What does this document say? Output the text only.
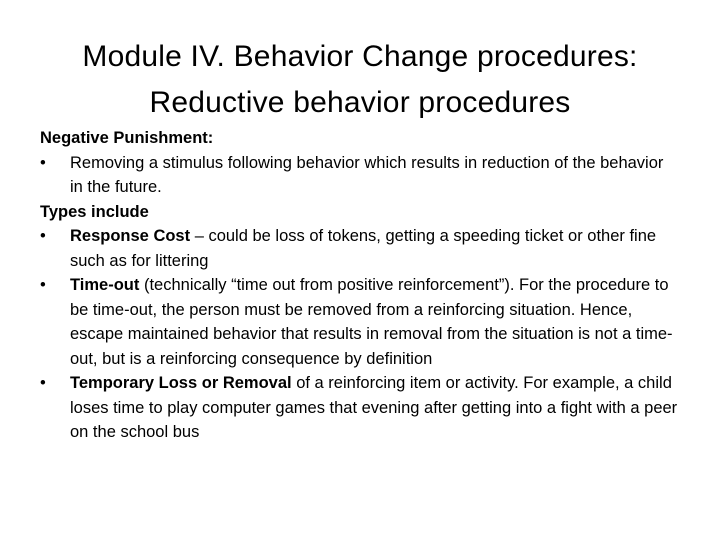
Module IV. Behavior Change procedures:
Reductive behavior procedures
Negative Punishment:
•	Removing a stimulus following behavior which results in reduction of the behavior in the future.
Types include
•	Response Cost – could be loss of tokens, getting a speeding ticket or other fine such as for littering
•	Time-out (technically “time out from positive reinforcement”). For the procedure to be time-out, the person must be removed from a reinforcing situation. Hence, escape maintained behavior that results in removal from the situation is not a time-out, but is a reinforcing consequence by definition
•	Temporary Loss or Removal of a reinforcing item or activity. For example, a child loses time to play computer games that evening after getting into a fight with a peer on the school bus
